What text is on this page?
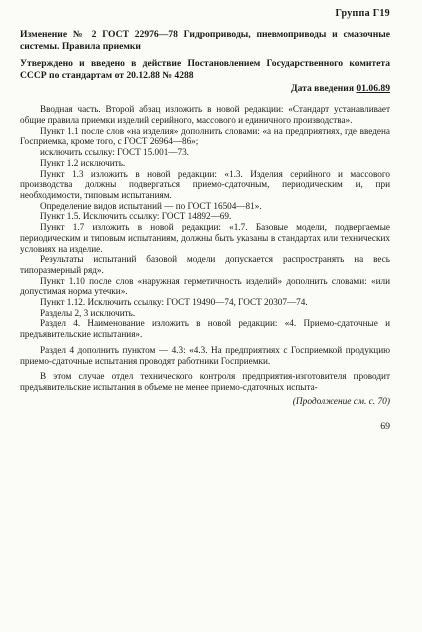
Группа Г19
Изменение № 2 ГОСТ 22976—78 Гидроприводы, пневмоприводы и смазочные системы. Правила приемки
Утверждено и введено в действие Постановлением Государственного комитета СССР по стандартам от 20.12.88 № 4288
Дата введения 01.06.89

Вводная часть. Второй абзац изложить в новой редакции: «Стандарт устанавливает общие правила приемки изделий серийного, массового и единичного производства».

Пункт 1.1 после слов «на изделия» дополнить словами: «а на предприятиях, где введена Госприемка, кроме того, с ГОСТ 26964—86»;

исключить ссылку: ГОСТ 15.001—73.

Пункт 1.2 исключить.

Пункт 1.3 изложить в новой редакции: «1.3. Изделия серийного и массового производства должны подвергаться приемо-сдаточным, периодическим и, при необходимости, типовым испытаниям.

Определение видов испытаний — по ГОСТ 16504—81».

Пункт 1.5. Исключить ссылку: ГОСТ 14892—69.

Пункт 1.7 изложить в новой редакции: «1.7. Базовые модели, подвергаемые периодическим и типовым испытаниям, должны быть указаны в стандартах или технических условиях на изделие.

Результаты испытаний базовой модели допускается распространять на весь типоразмерный ряд».

Пункт 1.10 после слов «наружная герметичность изделий» дополнить словами: «или допустимая норма утечки».

Пункт 1.12. Исключить ссылку: ГОСТ 19490—74, ГОСТ 20307—74.

Разделы 2, 3 исключить.

Раздел 4. Наименование изложить в новой редакции: «4. Приемо-сдаточные и предъявительские испытания».

Раздел 4 дополнить пунктом — 4.3: «4.3. На предприятиях с Госприемкой продукцию приемо-сдаточные испытания проводят работники Госприемки.

В этом случае отдел технического контроля предприятия-изготовителя проводит предъявительские испытания в объеме не менее приемо-сдаточных испыта-

(Продолжение см. с. 70)
69
